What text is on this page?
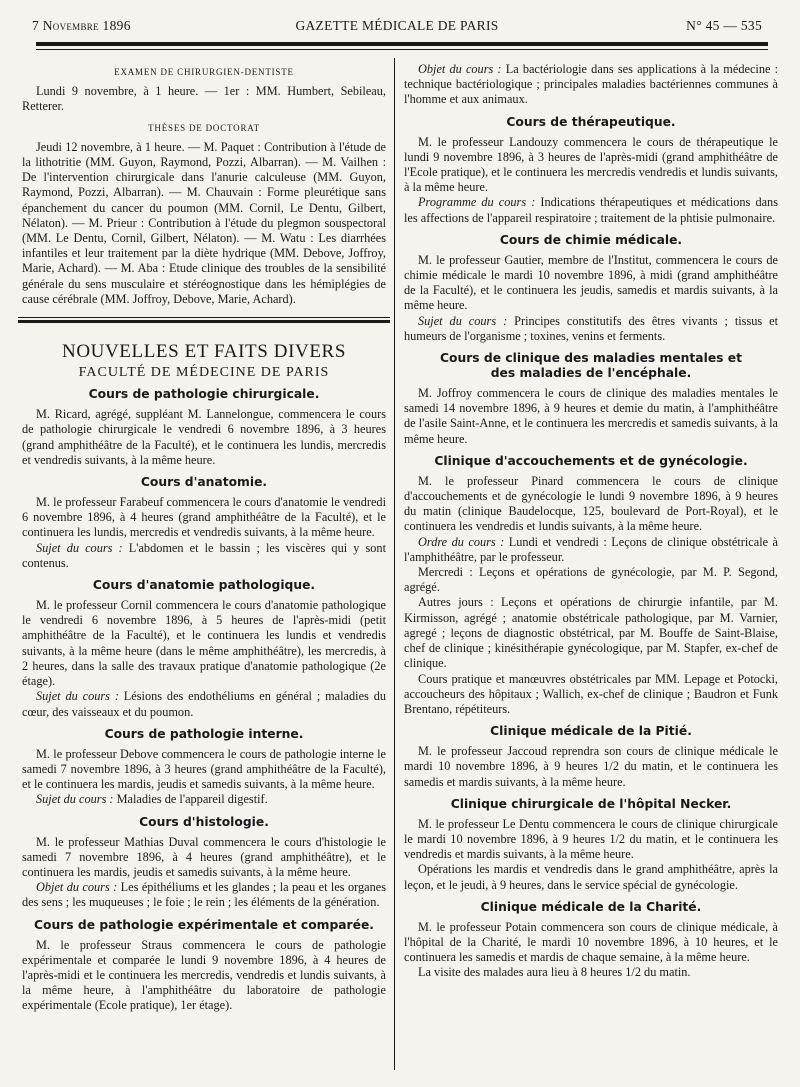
7 Novembre 1896	GAZETTE MÉDICALE DE PARIS	N° 45 — 535
EXAMEN DE CHIRURGIEN-DENTISTE

Lundi 9 novembre, à 1 heure. — 1er : MM. Humbert, Sebileau, Retterer.

THÈSES DE DOCTORAT

Jeudi 12 novembre, à 1 heure. — M. Paquet : Contribution à l'étude de la lithotritie (MM. Guyon, Raymond, Pozzi, Albarran). — M. Vailhen : De l'intervention chirurgicale dans l'anurie calculeuse (MM. Guyon, Raymond, Pozzi, Albarran). — M. Chauvain : Forme pleurétique sans épanchement du cancer du poumon (MM. Cornil, Le Dentu, Gilbert, Nélaton). — M. Prieur : Contribution à l'étude du plegmon souspectoral (MM. Le Dentu, Cornil, Gilbert, Nélaton). — M. Watu : Les diarrhées infantiles et leur traitement par la diète hydrique (MM. Debove, Joffroy, Marie, Achard). — M. Aba : Etude clinique des troubles de la sensibilité générale du sens musculaire et stéréognostique dans les hémiplégies de cause cérébrale (MM. Joffroy, Debove, Marie, Achard).

NOUVELLES ET FAITS DIVERS
FACULTÉ DE MÉDECINE DE PARIS
Cours de pathologie chirurgicale.

M. Ricard, agrégé, suppléant M. Lannelongue, commencera le cours de pathologie chirurgicale le vendredi 6 novembre 1896, à 3 heures (grand amphithéâtre de la Faculté), et le continuera les lundis, mercredis et vendredis suivants, à la même heure.

Cours d'anatomie.

M. le professeur Farabeuf commencera le cours d'anatomie le vendredi 6 novembre 1896, à 4 heures (grand amphithéâtre de la Faculté), et le continuera les lundis, mercredis et vendredis suivants, à la même heure.

Sujet du cours : L'abdomen et le bassin ; les viscères qui y sont contenus.

Cours d'anatomie pathologique.

M. le professeur Cornil commencera le cours d'anatomie pathologique le vendredi 6 novembre 1896, à 5 heures de l'après-midi (petit amphithéâtre de la Faculté), et le continuera les lundis et vendredis suivants, à la même heure (dans le même amphithéâtre), les mercredis, à 2 heures, dans la salle des travaux pratique d'anatomie pathologique (2e étage).

Sujet du cours : Lésions des endothéliums en général ; maladies du cœur, des vaisseaux et du poumon.

Cours de pathologie interne.

M. le professeur Debove commencera le cours de pathologie interne le samedi 7 novembre 1896, à 3 heures (grand amphithéâtre de la Faculté), et le continuera les mardis, jeudis et samedis suivants, à la même heure.

Sujet du cours : Maladies de l'appareil digestif.

Cours d'histologie.

M. le professeur Mathias Duval commencera le cours d'histologie le samedi 7 novembre 1896, à 4 heures (grand amphithéâtre), et le continuera les mardis, jeudis et samedis suivants, à la même heure.

Objet du cours : Les épithéliums et les glandes ; la peau et les organes des sens ; les muqueuses ; le foie ; le rein ; les éléments de la génération.

Cours de pathologie expérimentale et comparée.

M. le professeur Straus commencera le cours de pathologie expérimentale et comparée le lundi 9 novembre 1896, à 4 heures de l'après-midi et le continuera les mercredis, vendredis et lundis suivants, à la même heure, à l'amphithéâtre du laboratoire de pathologie expérimentale (Ecole pratique), 1er étage).

Objet du cours : La bactériologie dans ses applications à la médecine : technique bactériologique ; principales maladies bactériennes communes à l'homme et aux animaux.

Cours de thérapeutique.

M. le professeur Landouzy commencera le cours de thérapeutique le lundi 9 novembre 1896, à 3 heures de l'après-midi (grand amphithéâtre de l'Ecole pratique), et le continuera les mercredis vendredis et lundis suivants, à la même heure.

Programme du cours : Indications thérapeutiques et médications dans les affections de l'appareil respiratoire ; traitement de la phtisie pulmonaire.

Cours de chimie médicale.

M. le professeur Gautier, membre de l'Institut, commencera le cours de chimie médicale le mardi 10 novembre 1896, à midi (grand amphithéâtre de la Faculté), et le continuera les jeudis, samedis et mardis suivants, à la même heure.

Sujet du cours : Principes constitutifs des êtres vivants ; tissus et humeurs de l'organisme ; toxines, venins et ferments.

Cours de clinique des maladies mentales et des maladies de l'encéphale.

M. Joffroy commencera le cours de clinique des maladies mentales le samedi 14 novembre 1896, à 9 heures et demie du matin, à l'amphithéâtre de l'asile Saint-Anne, et le continuera les mercredis et samedis suivants, à la même heure.

Clinique d'accouchements et de gynécologie.

M. le professeur Pinard commencera le cours de clinique d'accouchements et de gynécologie le lundi 9 novembre 1896, à 9 heures du matin (clinique Baudelocque, 125, boulevard de Port-Royal), et le continuera les vendredis et lundis suivants, à la même heure.

Ordre du cours : Lundi et vendredi : Leçons de clinique obstétricale à l'amphithéâtre, par le professeur.

Mercredi : Leçons et opérations de gynécologie, par M. P. Segond, agrégé.

Autres jours : Leçons et opérations de chirurgie infantile, par M. Kirmisson, agrégé ; anatomie obstétricale pathologique, par M. Varnier, agregé ; leçons de diagnostic obstétrical, par M. Bouffe de Saint-Blaise, chef de clinique ; kinésithérapie gynécologique, par M. Stapfer, ex-chef de clinique.

Cours pratique et manœuvres obstétricales par MM. Lepage et Potocki, accoucheurs des hôpitaux ; Wallich, ex-chef de clinique ; Baudron et Funk Brentano, répétiteurs.

Clinique médicale de la Pitié.

M. le professeur Jaccoud reprendra son cours de clinique médicale le mardi 10 novembre 1896, à 9 heures 1/2 du matin, et le continuera les samedis et mardis suivants, à la même heure.

Clinique chirurgicale de l'hôpital Necker.

M. le professeur Le Dentu commencera le cours de clinique chirurgicale le mardi 10 novembre 1896, à 9 heures 1/2 du matin, et le continuera les vendredis et mardis suivants, à la même heure.

Opérations les mardis et vendredis dans le grand amphithéâtre, après la leçon, et le jeudi, à 9 heures, dans le service spécial de gynécologie.

Clinique médicale de la Charité.

M. le professeur Potain commencera son cours de clinique médicale, à l'hôpital de la Charité, le mardi 10 novembre 1896, à 10 heures, et le continuera les samedis et mardis de chaque semaine, à la même heure.

La visite des malades aura lieu à 8 heures 1/2 du matin.
